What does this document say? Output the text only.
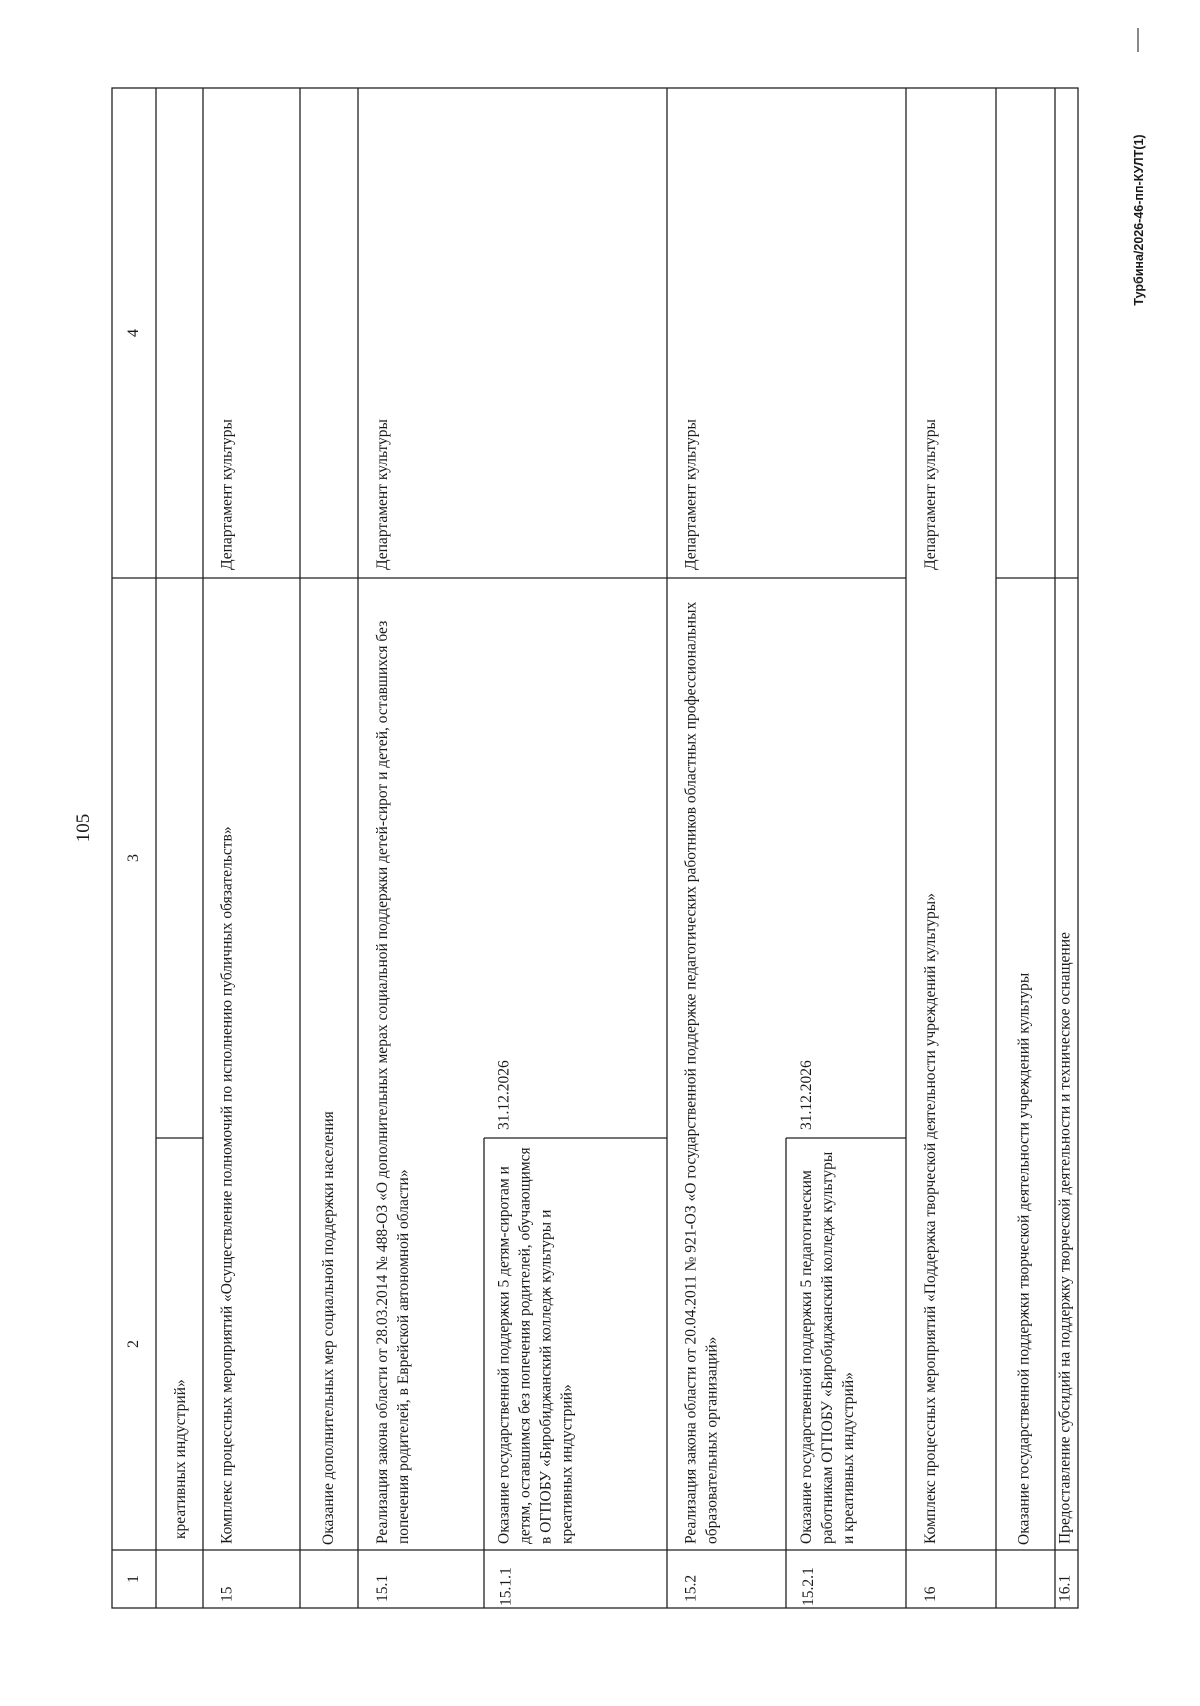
105
Турбина/2026-46-пп-КУЛТ(1)
1
2
3
4
креативных индустрий»
15
Комплекс процессных мероприятий «Осуществление полномочий по исполнению публичных обязательств»
Департамент культуры
Оказание дополнительных мер социальной поддержки населения
15.1
Реализация закона области от 28.03.2014 № 488-ОЗ «О дополнительных мерах социальной поддержки детей-сирот и детей, оставшихся без попечения родителей, в Еврейской автономной области»
Департамент культуры
15.1.1
Оказание государственной поддержки 5 детям-сиротам и детям, оставшимся без попечения родителей, обучающимся в ОГПОБУ «Биробиджанский колледж культуры и креативных индустрий»
31.12.2026
15.2
Реализация закона области от 20.04.2011 № 921-ОЗ «О государственной поддержке педагогических работников областных профессиональных образовательных организаций»
Департамент культуры
15.2.1
Оказание государственной поддержки 5 педагогическим работникам ОГПОБУ «Биробиджанский колледж культуры и креативных индустрий»
31.12.2026
16
Комплекс процессных мероприятий «Поддержка творческой деятельности учреждений культуры»
Департамент культуры
Оказание государственной поддержки творческой деятельности учреждений культуры
16.1
Предоставление субсидий на поддержку творческой деятельности и техническое оснащение
